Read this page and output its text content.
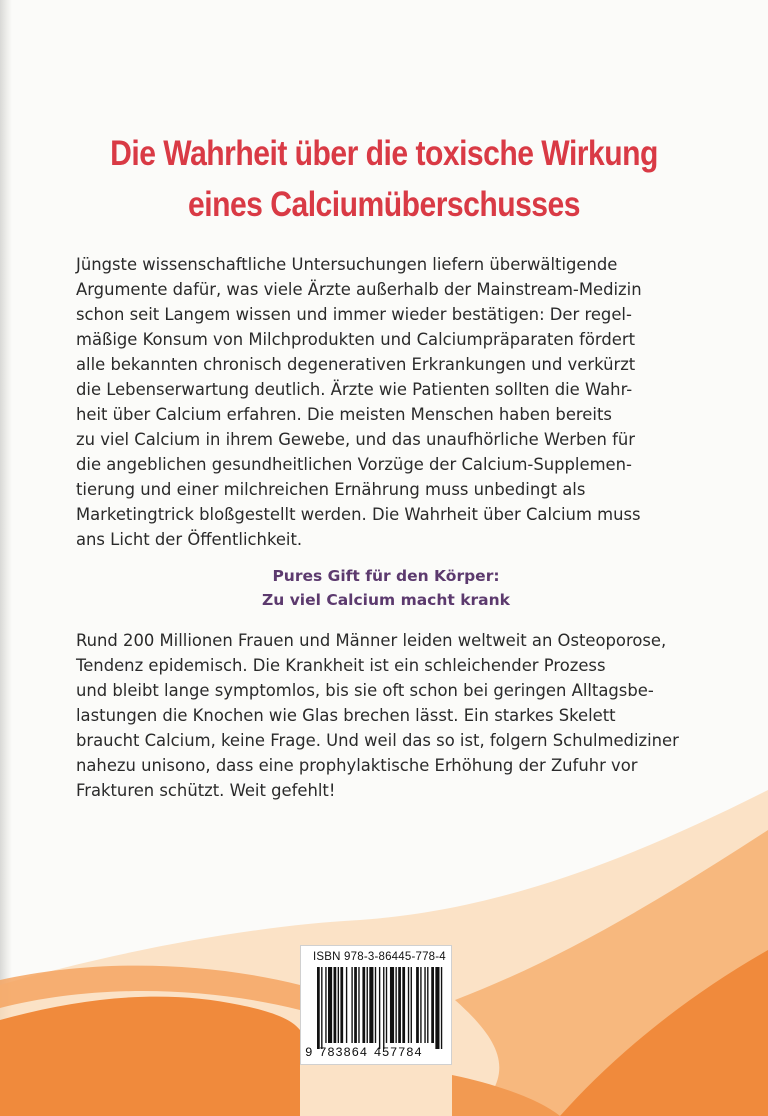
Die Wahrheit über die toxische Wirkung
eines Calciumüberschusses
Jüngste wissenschaftliche Untersuchungen liefern überwältigende
Argumente dafür, was viele Ärzte außerhalb der Mainstream-Medizin
schon seit Langem wissen und immer wieder bestätigen: Der regel-
mäßige Konsum von Milchprodukten und Calciumpräparaten fördert
alle bekannten chronisch degenerativen Erkrankungen und verkürzt
die Lebenserwartung deutlich. Ärzte wie Patienten sollten die Wahr-
heit über Calcium erfahren. Die meisten Menschen haben bereits
zu viel Calcium in ihrem Gewebe, und das unaufhörliche Werben für
die angeblichen gesundheitlichen Vorzüge der Calcium-Supplemen-
tierung und einer milchreichen Ernährung muss unbedingt als
Marketingtrick bloßgestellt werden. Die Wahrheit über Calcium muss
ans Licht der Öffentlichkeit.
Pures Gift für den Körper:
Zu viel Calcium macht krank
Rund 200 Millionen Frauen und Männer leiden weltweit an Osteoporose,
Tendenz epidemisch. Die Krankheit ist ein schleichender Prozess
und bleibt lange symptomlos, bis sie oft schon bei geringen Alltagsbe-
lastungen die Knochen wie Glas brechen lässt. Ein starkes Skelett
braucht Calcium, keine Frage. Und weil das so ist, folgern Schulmediziner
nahezu unisono, dass eine prophylaktische Erhöhung der Zufuhr vor
Frakturen schützt. Weit gefehlt!
ISBN 978-3-86445-778-4
9 783864 457784
